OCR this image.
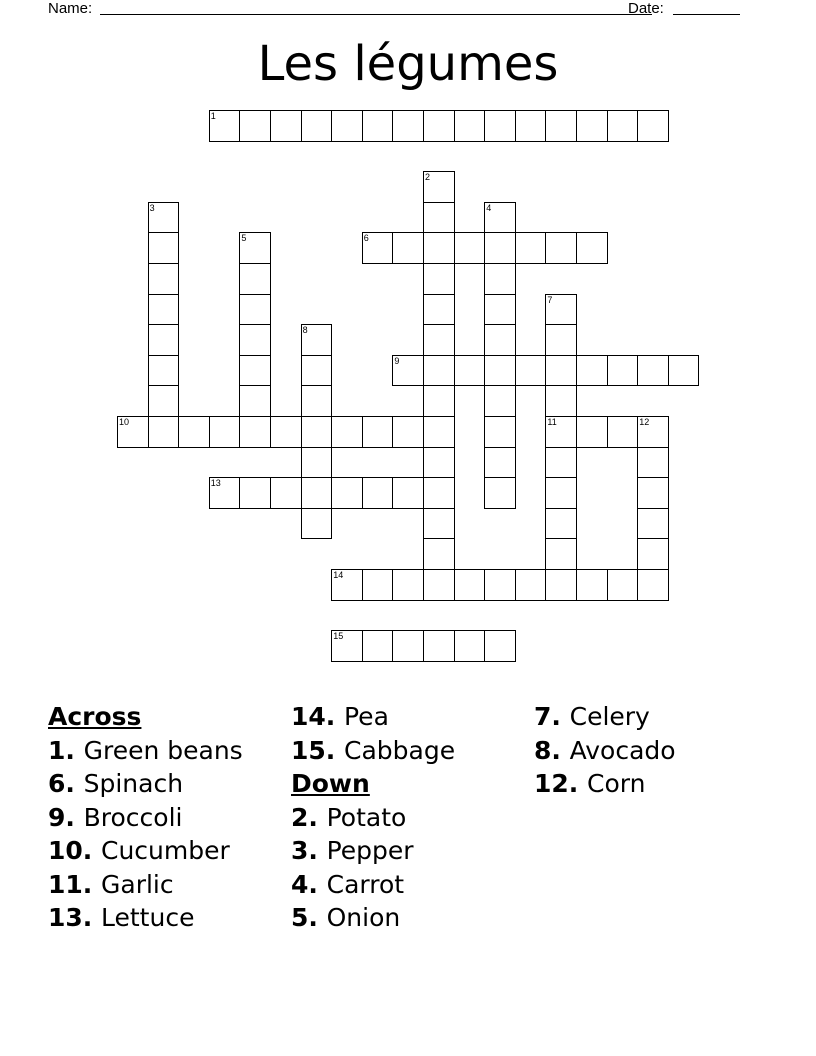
Name:	Date:
Les légumes
1
6
9
10	11	12
13
14
15
2
3	4
5
7
8
Across
1. Green beans
6. Spinach
9. Broccoli
10. Cucumber
11. Garlic
13. Lettuce
14. Pea
15. Cabbage
Down
2. Potato
3. Pepper
4. Carrot
5. Onion
7. Celery
8. Avocado
12. Corn
